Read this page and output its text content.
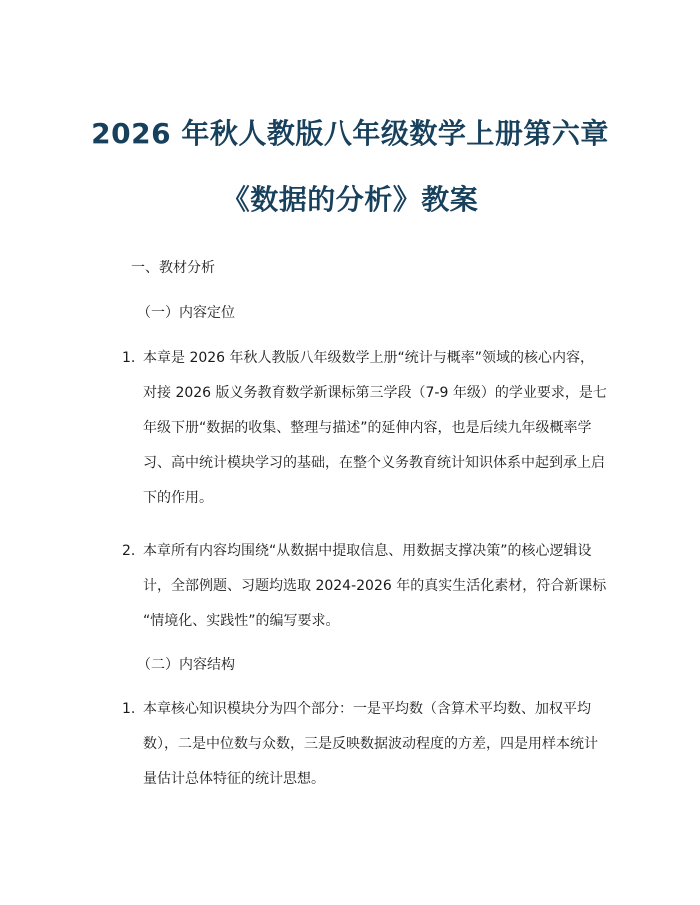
2026 年秋人教版八年级数学上册第六章
《数据的分析》教案
一、教材分析
（一）内容定位
1. 本章是 2026 年秋人教版八年级数学上册“统计与概率”领域的核心内容，
对接 2026 版义务教育数学新课标第三学段（7-9 年级）的学业要求，是七
年级下册“数据的收集、整理与描述”的延伸内容，也是后续九年级概率学
习、高中统计模块学习的基础，在整个义务教育统计知识体系中起到承上启
下的作用。
2. 本章所有内容均围绕“从数据中提取信息、用数据支撑决策”的核心逻辑设
计，全部例题、习题均选取 2024-2026 年的真实生活化素材，符合新课标
“情境化、实践性”的编写要求。
（二）内容结构
1. 本章核心知识模块分为四个部分：一是平均数（含算术平均数、加权平均
数），二是中位数与众数，三是反映数据波动程度的方差，四是用样本统计
量估计总体特征的统计思想。
